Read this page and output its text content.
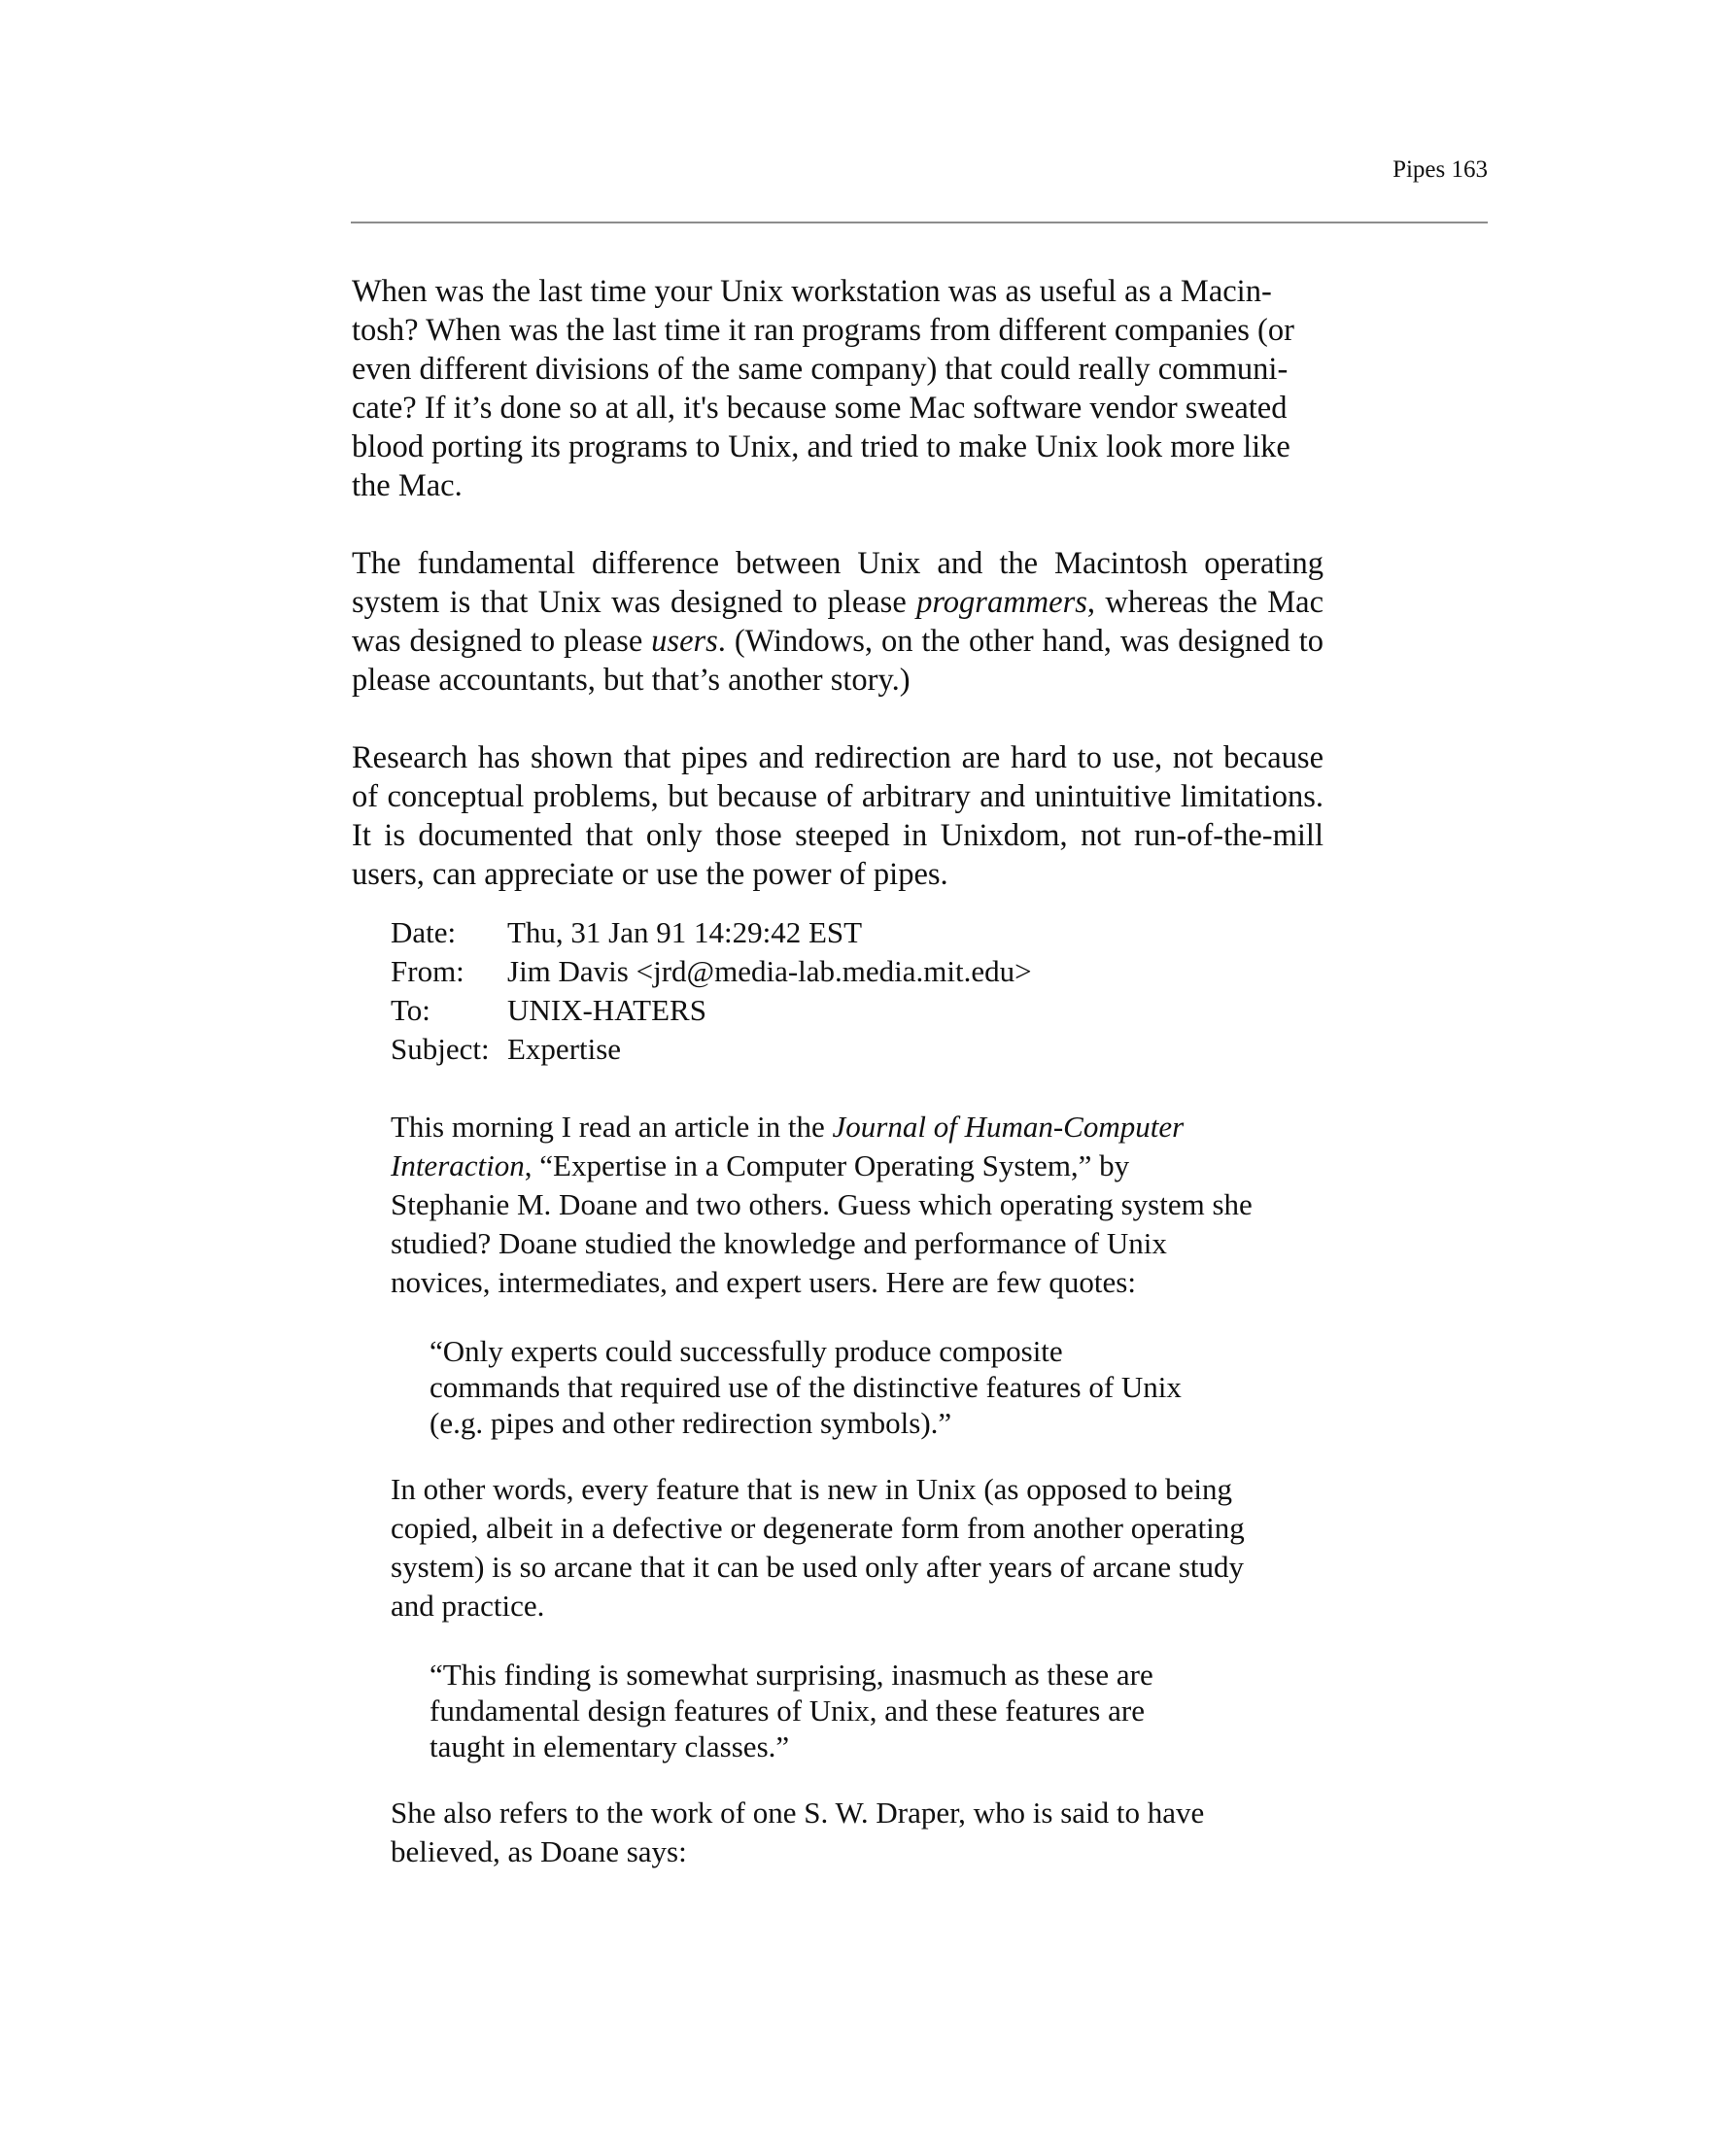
Pipes 163

When was the last time your Unix workstation was as useful as a Macin-
tosh? When was the last time it ran programs from different companies (or
even different divisions of the same company) that could really communi-
cate? If it’s done so at all, it's because some Mac software vendor sweated
blood porting its programs to Unix, and tried to make Unix look more like
the Mac.

The fundamental difference between Unix and the Macintosh operating system is that Unix was designed to please programmers, whereas the Mac was designed to please users. (Windows, on the other hand, was designed to please accountants, but that’s another story.)

Research has shown that pipes and redirection are hard to use, not because of conceptual problems, but because of arbitrary and unintuitive limitations. It is documented that only those steeped in Unixdom, not run-of-the-mill users, can appreciate or use the power of pipes.

Date:	Thu, 31 Jan 91 14:29:42 EST
From:	Jim Davis <jrd@media-lab.media.mit.edu>
To:	UNIX-HATERS
Subject: Expertise

This morning I read an article in the Journal of Human-Computer Interaction, “Expertise in a Computer Operating System,” by Stephanie M. Doane and two others. Guess which operating system she studied? Doane studied the knowledge and performance of Unix novices, intermediates, and expert users. Here are few quotes:

“Only experts could successfully produce composite
commands that required use of the distinctive features of Unix
(e.g. pipes and other redirection symbols).”

In other words, every feature that is new in Unix (as opposed to being copied, albeit in a defective or degenerate form from another operating system) is so arcane that it can be used only after years of arcane study and practice.

“This finding is somewhat surprising, inasmuch as these are
fundamental design features of Unix, and these features are
taught in elementary classes.”

She also refers to the work of one S. W. Draper, who is said to have believed, as Doane says:
